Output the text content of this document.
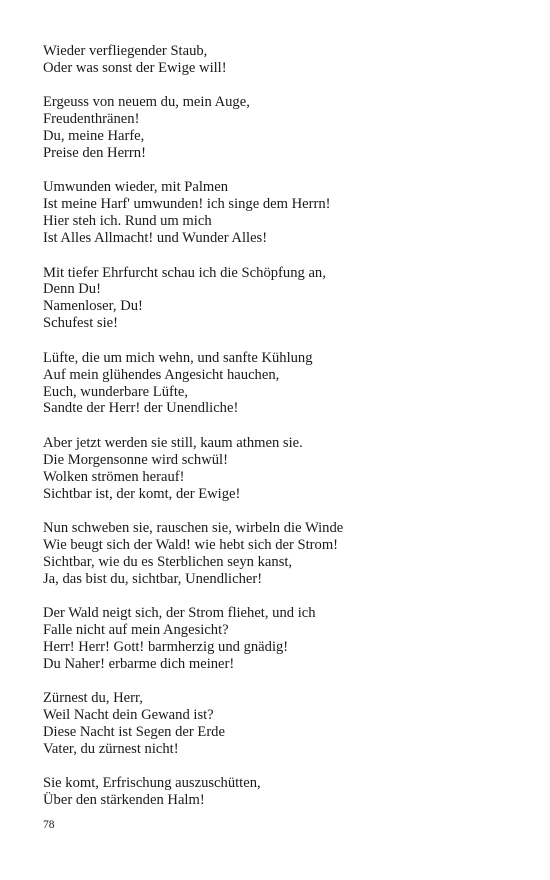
Wieder verfliegender Staub,
Oder was sonst der Ewige will!
Ergeuss von neuem du, mein Auge,
Freudenthränen!
Du, meine Harfe,
Preise den Herrn!
Umwunden wieder, mit Palmen
Ist meine Harf' umwunden! ich singe dem Herrn!
Hier steh ich. Rund um mich
Ist Alles Allmacht! und Wunder Alles!
Mit tiefer Ehrfurcht schau ich die Schöpfung an,
Denn Du!
Namenloser, Du!
Schufest sie!
Lüfte, die um mich wehn, und sanfte Kühlung
Auf mein glühendes Angesicht hauchen,
Euch, wunderbare Lüfte,
Sandte der Herr! der Unendliche!
Aber jetzt werden sie still, kaum athmen sie.
Die Morgensonne wird schwül!
Wolken strömen herauf!
Sichtbar ist, der komt, der Ewige!
Nun schweben sie, rauschen sie, wirbeln die Winde
Wie beugt sich der Wald! wie hebt sich der Strom!
Sichtbar, wie du es Sterblichen seyn kanst,
Ja, das bist du, sichtbar, Unendlicher!
Der Wald neigt sich, der Strom fliehet, und ich
Falle nicht auf mein Angesicht?
Herr! Herr! Gott! barmherzig und gnädig!
Du Naher! erbarme dich meiner!
Zürnest du, Herr,
Weil Nacht dein Gewand ist?
Diese Nacht ist Segen der Erde
Vater, du zürnest nicht!
Sie komt, Erfrischung auszuschütten,
Über den stärkenden Halm!
78
